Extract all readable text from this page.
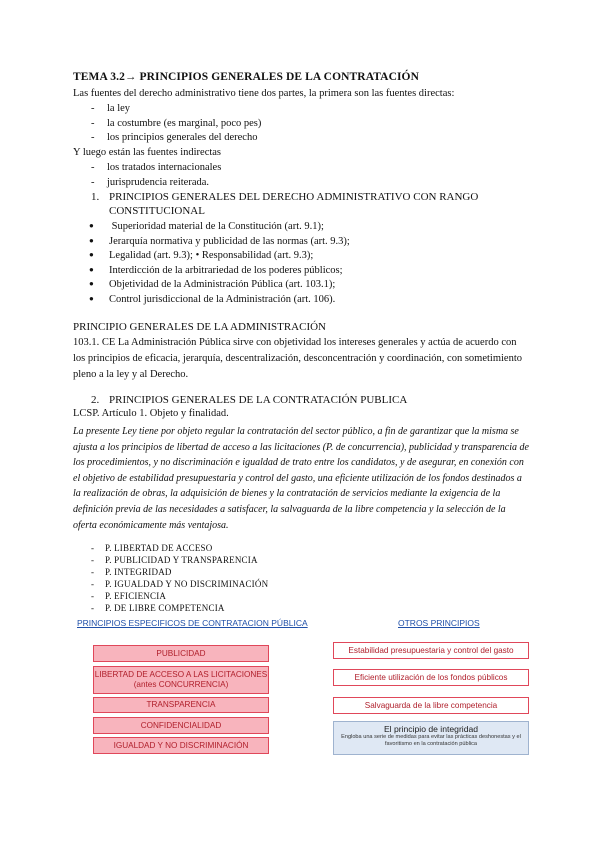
TEMA 3.2→ PRINCIPIOS GENERALES DE LA CONTRATACIÓN
Las fuentes del derecho administrativo tiene dos partes, la primera son las fuentes directas:
- la ley
- la costumbre (es marginal, poco pes)
- los principios generales del derecho
Y luego están las fuentes indirectas
- los tratados internacionales
- jurisprudencia reiterada.
1. PRINCIPIOS GENERALES DEL DERECHO ADMINISTRATIVO CON RANGO
CONSTITUCIONAL
● Superioridad material de la Constitución (art. 9.1);
● Jerarquía normativa y publicidad de las normas (art. 9.3);
● Legalidad (art. 9.3); • Responsabilidad (art. 9.3);
● Interdicción de la arbitrariedad de los poderes públicos;
● Objetividad de la Administración Pública (art. 103.1);
● Control jurisdiccional de la Administración (art. 106).
PRINCIPIO GENERALES DE LA ADMINISTRACIÓN
103.1. CE La Administración Pública sirve con objetividad los intereses generales y actúa de acuerdo con los principios de eficacia, jerarquía, descentralización, desconcentración y coordinación, con sometimiento pleno a la ley y al Derecho.
2. PRINCIPIOS GENERALES DE LA CONTRATACIÓN PUBLICA
LCSP. Artículo 1. Objeto y finalidad.
La presente Ley tiene por objeto regular la contratación del sector público, a fin de garantizar que la misma se ajusta a los principios de libertad de acceso a las licitaciones (P. de concurrencia), publicidad y transparencia de los procedimientos, y no discriminación e igualdad de trato entre los candidatos, y de asegurar, en conexión con el objetivo de estabilidad presupuestaria y control del gasto, una eficiente utilización de los fondos destinados a la realización de obras, la adquisición de bienes y la contratación de servicios mediante la exigencia de la definición previa de las necesidades a satisfacer, la salvaguarda de la libre competencia y la selección de la oferta económicamente más ventajosa.
- P. LIBERTAD DE ACCESO
- P. PUBLICIDAD Y TRANSPARENCIA
- P. INTEGRIDAD
- P. IGUALDAD Y NO DISCRIMINACIÓN
- P. EFICIENCIA
- P. DE LIBRE COMPETENCIA
PRINCIPIOS ESPECIFICOS DE CONTRATACION PÚBLICA	OTROS PRINCIPIOS
PUBLICIDAD
LIBERTAD DE ACCESO A LAS LICITACIONES
(antes CONCURRENCIA)
TRANSPARENCIA
CONFIDENCIALIDAD
IGUALDAD Y NO DISCRIMINACIÓN
Estabilidad presupuestaria y control del gasto
Eficiente utilización de los fondos públicos
Salvaguarda de la libre competencia
El principio de integridad
Engloba una serie de medidas para evitar las prácticas deshonestas y el favoritismo en la contratación pública
